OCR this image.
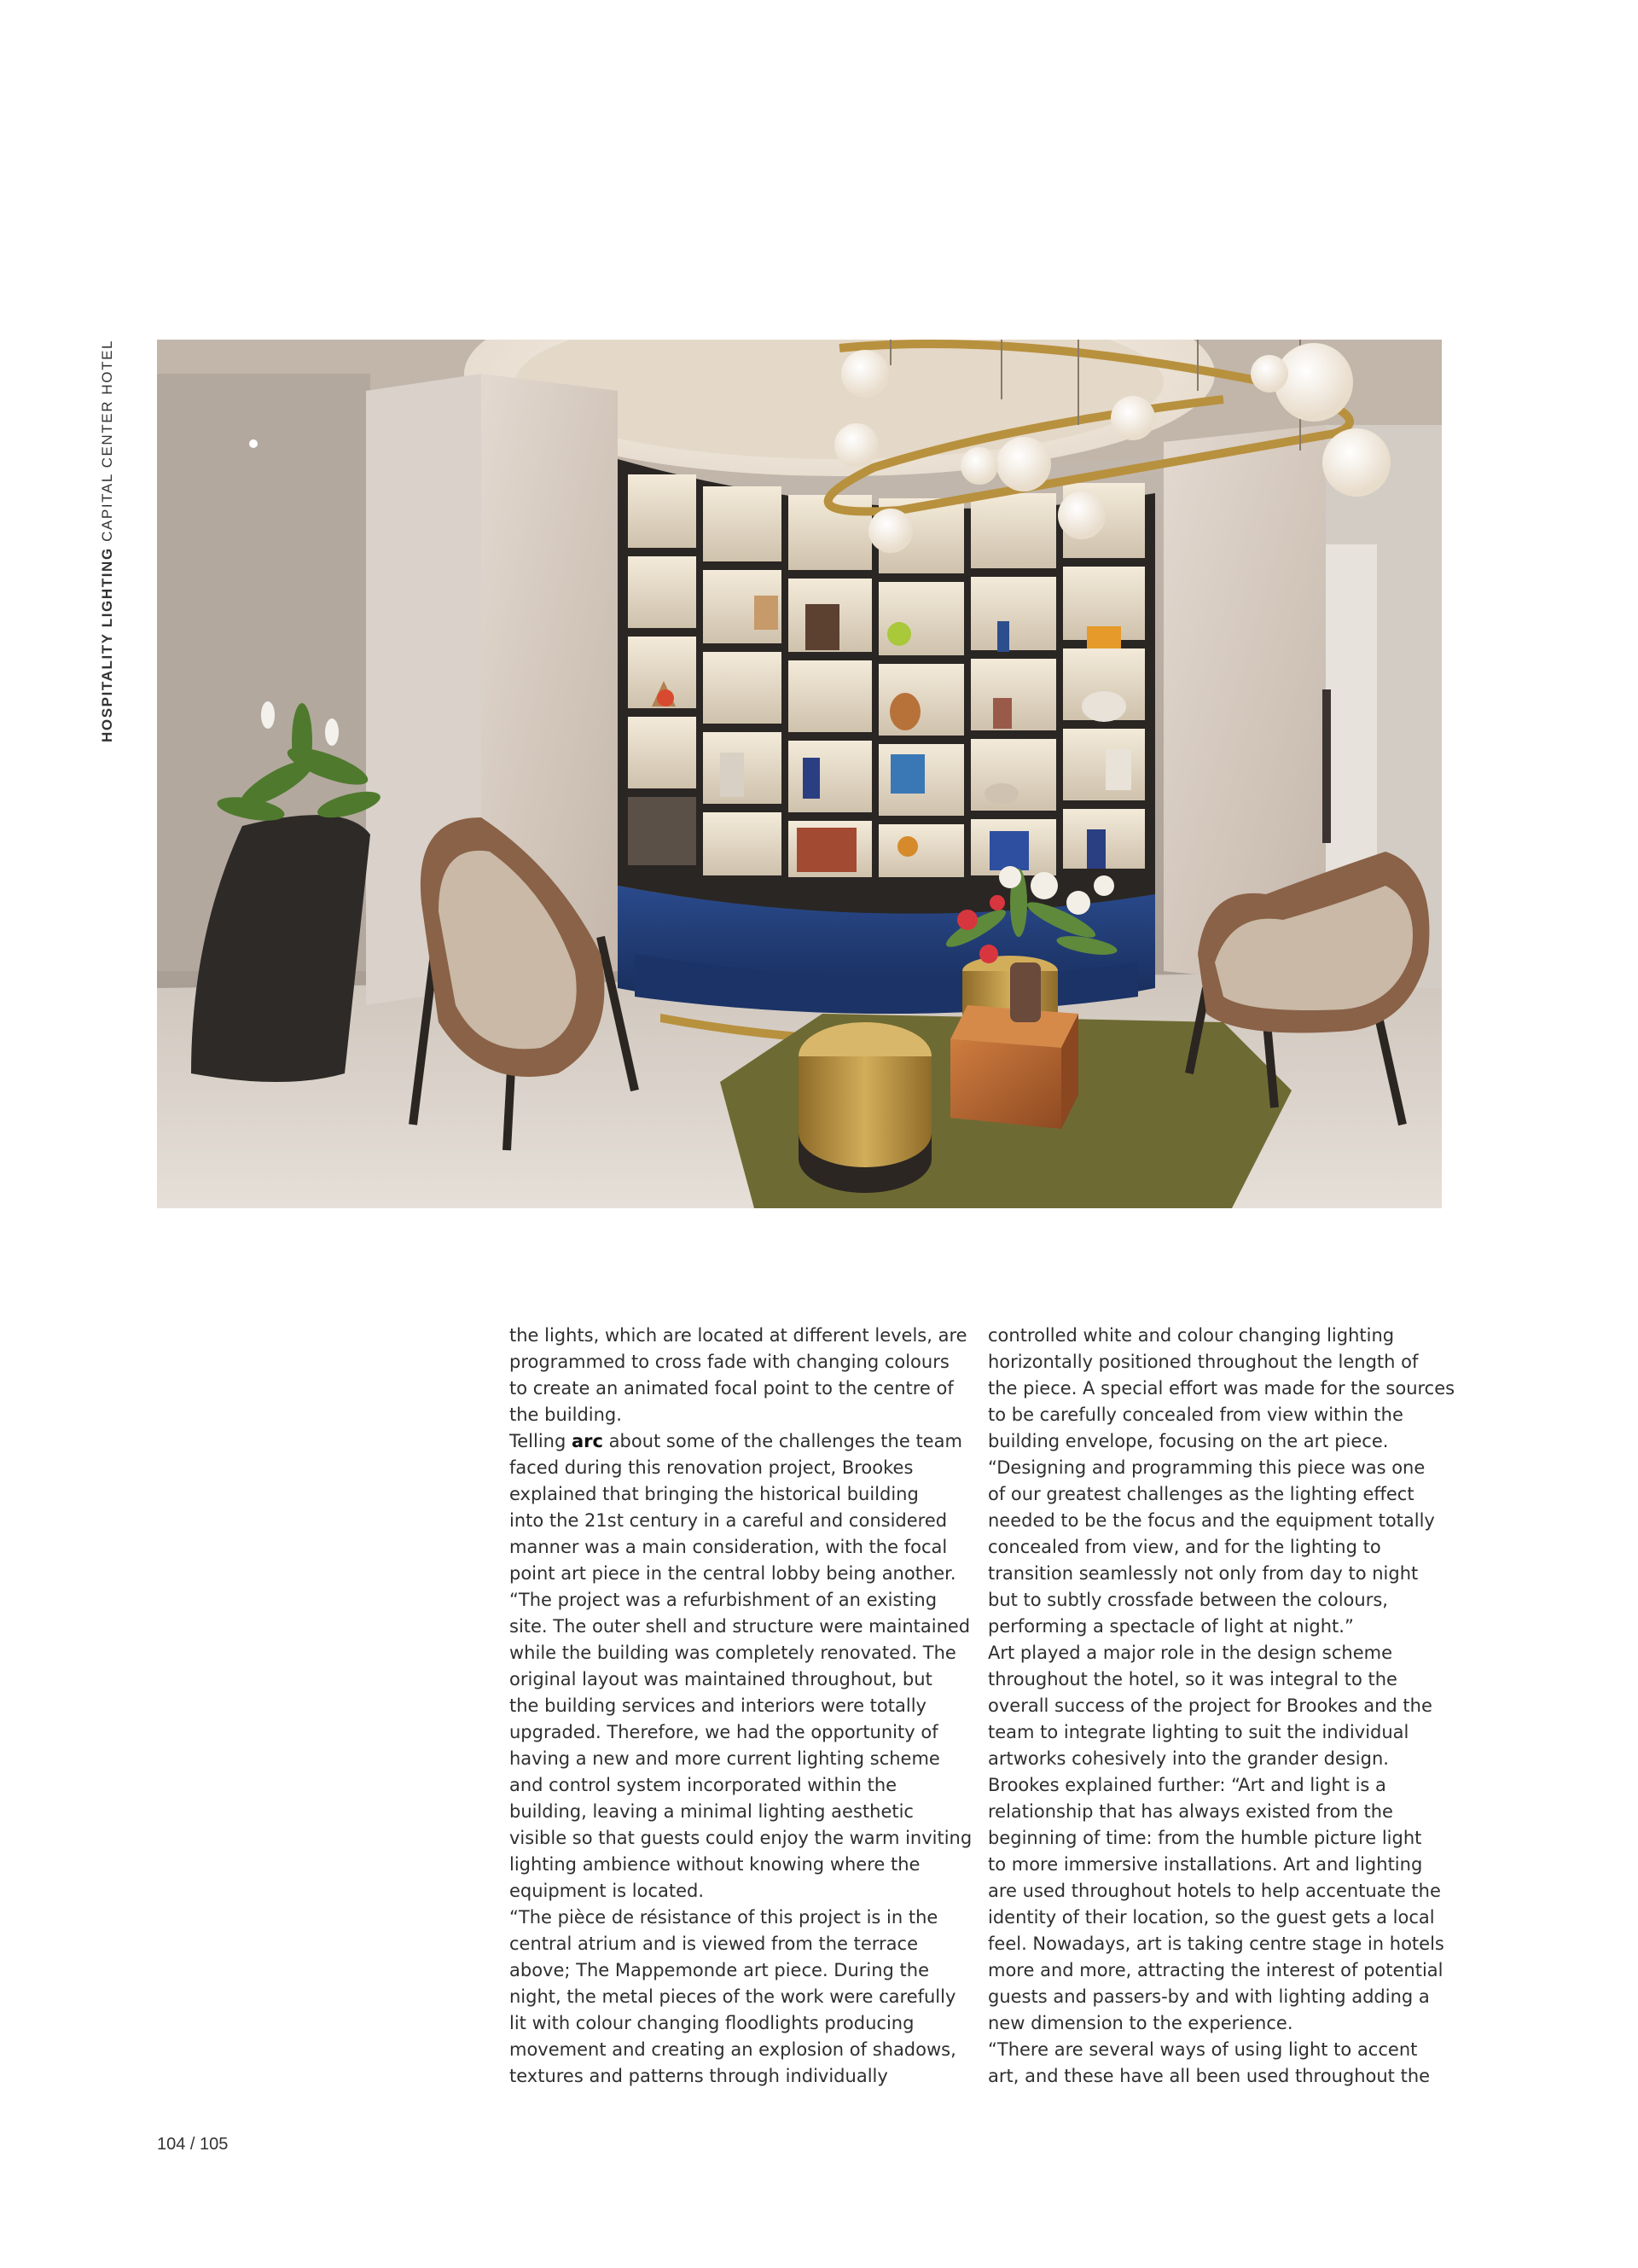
HOSPITALITY LIGHTING CAPITAL CENTER HOTEL

the lights, which are located at different levels, are
programmed to cross fade with changing colours
to create an animated focal point to the centre of
the building.

Telling arc about some of the challenges the team
faced during this renovation project, Brookes
explained that bringing the historical building
into the 21st century in a careful and considered
manner was a main consideration, with the focal
point art piece in the central lobby being another.

“The project was a refurbishment of an existing
site. The outer shell and structure were maintained
while the building was completely renovated. The
original layout was maintained throughout, but
the building services and interiors were totally
upgraded. Therefore, we had the opportunity of
having a new and more current lighting scheme
and control system incorporated within the
building, leaving a minimal lighting aesthetic
visible so that guests could enjoy the warm inviting
lighting ambience without knowing where the
equipment is located.

“The pièce de résistance of this project is in the
central atrium and is viewed from the terrace
above; The Mappemonde art piece. During the
night, the metal pieces of the work were carefully
lit with colour changing floodlights producing
movement and creating an explosion of shadows,
textures and patterns through individually

controlled white and colour changing lighting
horizontally positioned throughout the length of
the piece. A special effort was made for the sources
to be carefully concealed from view within the
building envelope, focusing on the art piece.

“Designing and programming this piece was one
of our greatest challenges as the lighting effect
needed to be the focus and the equipment totally
concealed from view, and for the lighting to
transition seamlessly not only from day to night
but to subtly crossfade between the colours,
performing a spectacle of light at night.”

Art played a major role in the design scheme
throughout the hotel, so it was integral to the
overall success of the project for Brookes and the
team to integrate lighting to suit the individual
artworks cohesively into the grander design.

Brookes explained further: “Art and light is a
relationship that has always existed from the
beginning of time: from the humble picture light
to more immersive installations. Art and lighting
are used throughout hotels to help accentuate the
identity of their location, so the guest gets a local
feel. Nowadays, art is taking centre stage in hotels
more and more, attracting the interest of potential
guests and passers-by and with lighting adding a
new dimension to the experience.

“There are several ways of using light to accent
art, and these have all been used throughout the

104 / 105
